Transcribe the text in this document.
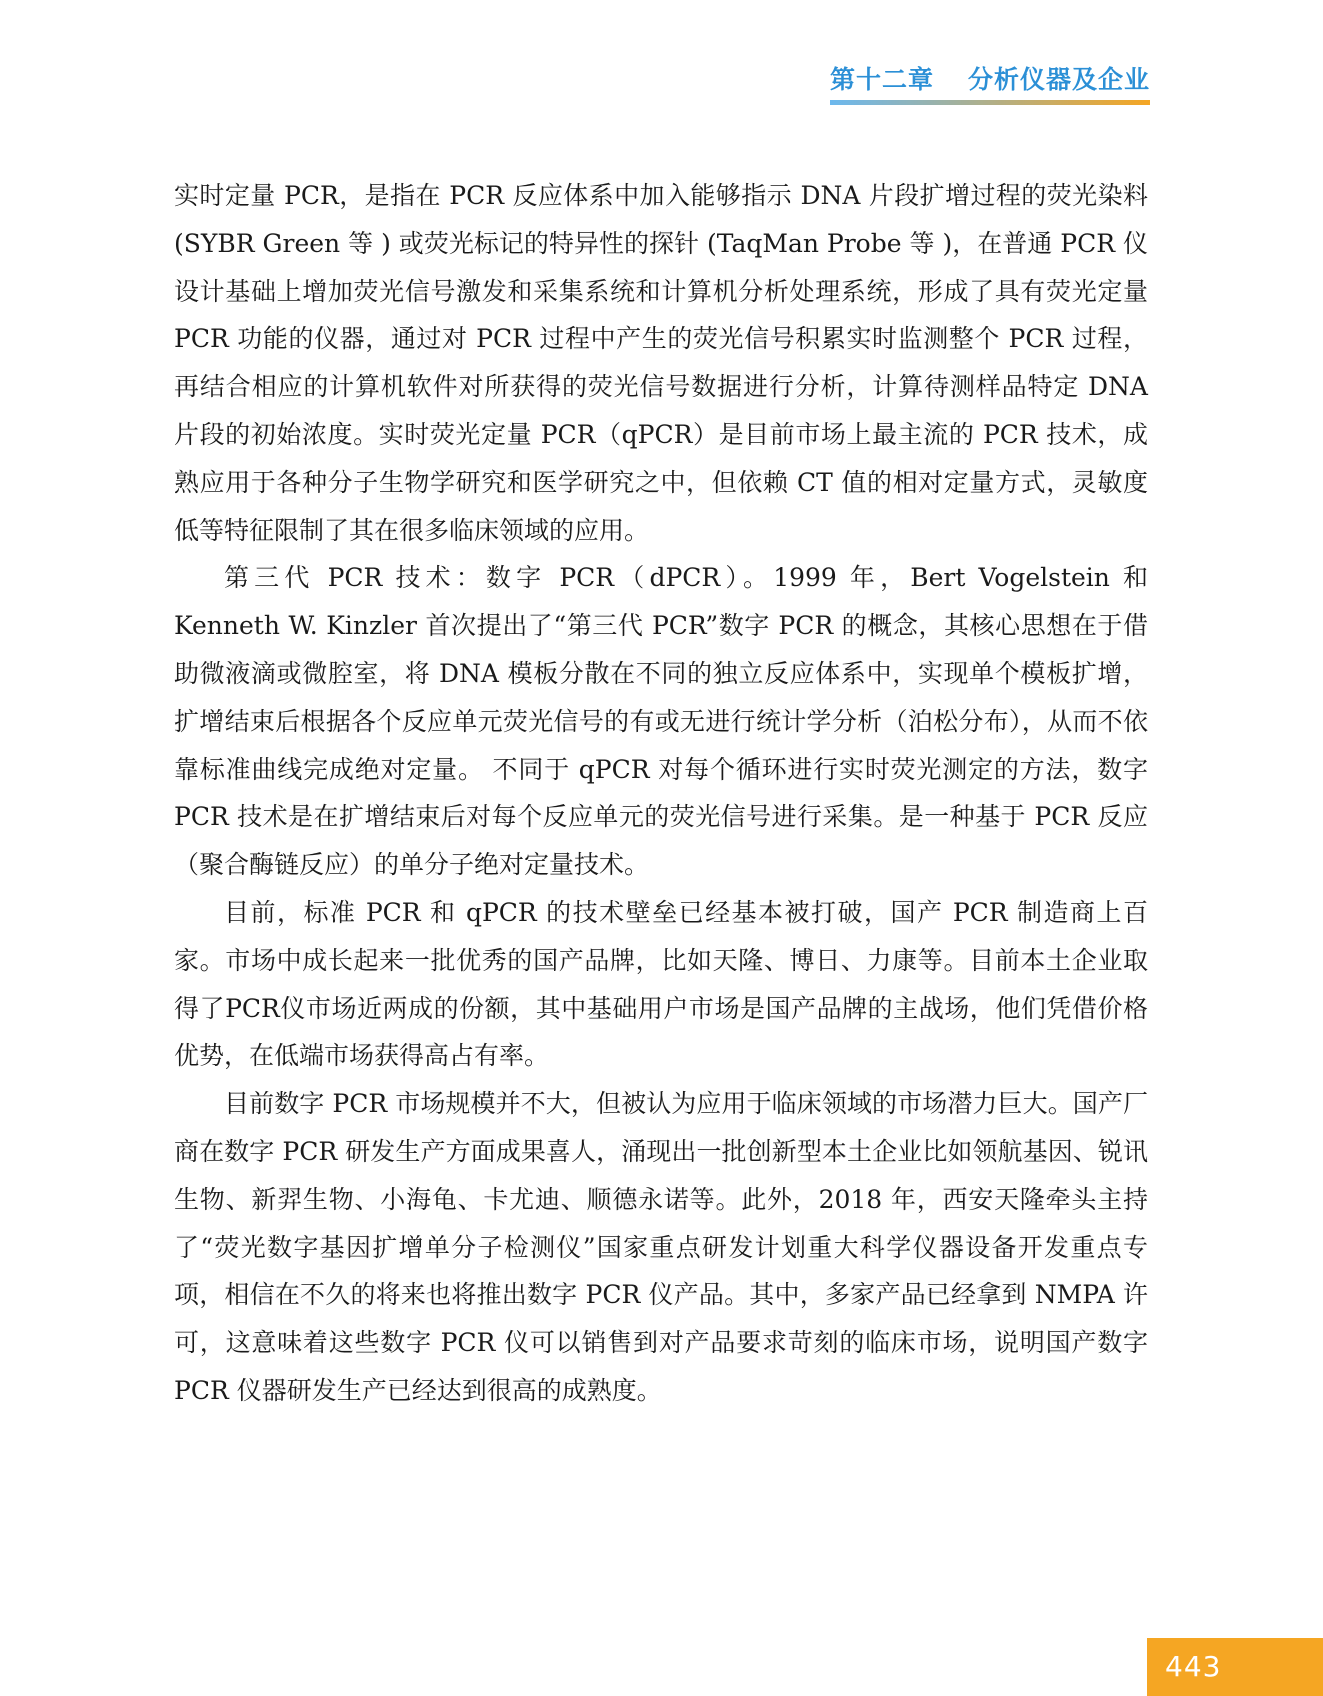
第十二章 分析仪器及企业

实时定量 PCR，是指在 PCR 反应体系中加入能够指示 DNA 片段扩增过程的荧光染料 (SYBR Green 等 ) 或荧光标记的特异性的探针 (TaqMan Probe 等 )，在普通 PCR 仪设计基础上增加荧光信号激发和采集系统和计算机分析处理系统，形成了具有荧光定量 PCR 功能的仪器，通过对 PCR 过程中产生的荧光信号积累实时监测整个 PCR 过程，再结合相应的计算机软件对所获得的荧光信号数据进行分析，计算待测样品特定 DNA 片段的初始浓度。实时荧光定量 PCR（qPCR）是目前市场上最主流的 PCR 技术，成熟应用于各种分子生物学研究和医学研究之中，但依赖 CT 值的相对定量方式，灵敏度低等特征限制了其在很多临床领域的应用。

第三代 PCR 技术：数字 PCR（dPCR）。1999 年，Bert Vogelstein 和 Kenneth W. Kinzler 首次提出了“第三代 PCR”数字 PCR 的概念，其核心思想在于借助微液滴或微腔室，将 DNA 模板分散在不同的独立反应体系中，实现单个模板扩增，扩增结束后根据各个反应单元荧光信号的有或无进行统计学分析（泊松分布），从而不依靠标准曲线完成绝对定量。 不同于 qPCR 对每个循环进行实时荧光测定的方法，数字 PCR 技术是在扩增结束后对每个反应单元的荧光信号进行采集。是一种基于 PCR 反应（聚合酶链反应）的单分子绝对定量技术。

目前，标准 PCR 和 qPCR 的技术壁垒已经基本被打破，国产 PCR 制造商上百家。市场中成长起来一批优秀的国产品牌，比如天隆、博日、力康等。目前本土企业取得了PCR仪市场近两成的份额，其中基础用户市场是国产品牌的主战场，他们凭借价格优势，在低端市场获得高占有率。

目前数字 PCR 市场规模并不大，但被认为应用于临床领域的市场潜力巨大。国产厂商在数字 PCR 研发生产方面成果喜人，涌现出一批创新型本土企业比如领航基因、锐讯生物、新羿生物、小海龟、卡尤迪、顺德永诺等。此外，2018 年，西安天隆牵头主持了“荧光数字基因扩增单分子检测仪”国家重点研发计划重大科学仪器设备开发重点专项，相信在不久的将来也将推出数字 PCR 仪产品。其中，多家产品已经拿到 NMPA 许可，这意味着这些数字 PCR 仪可以销售到对产品要求苛刻的临床市场，说明国产数字 PCR 仪器研发生产已经达到很高的成熟度。

443
